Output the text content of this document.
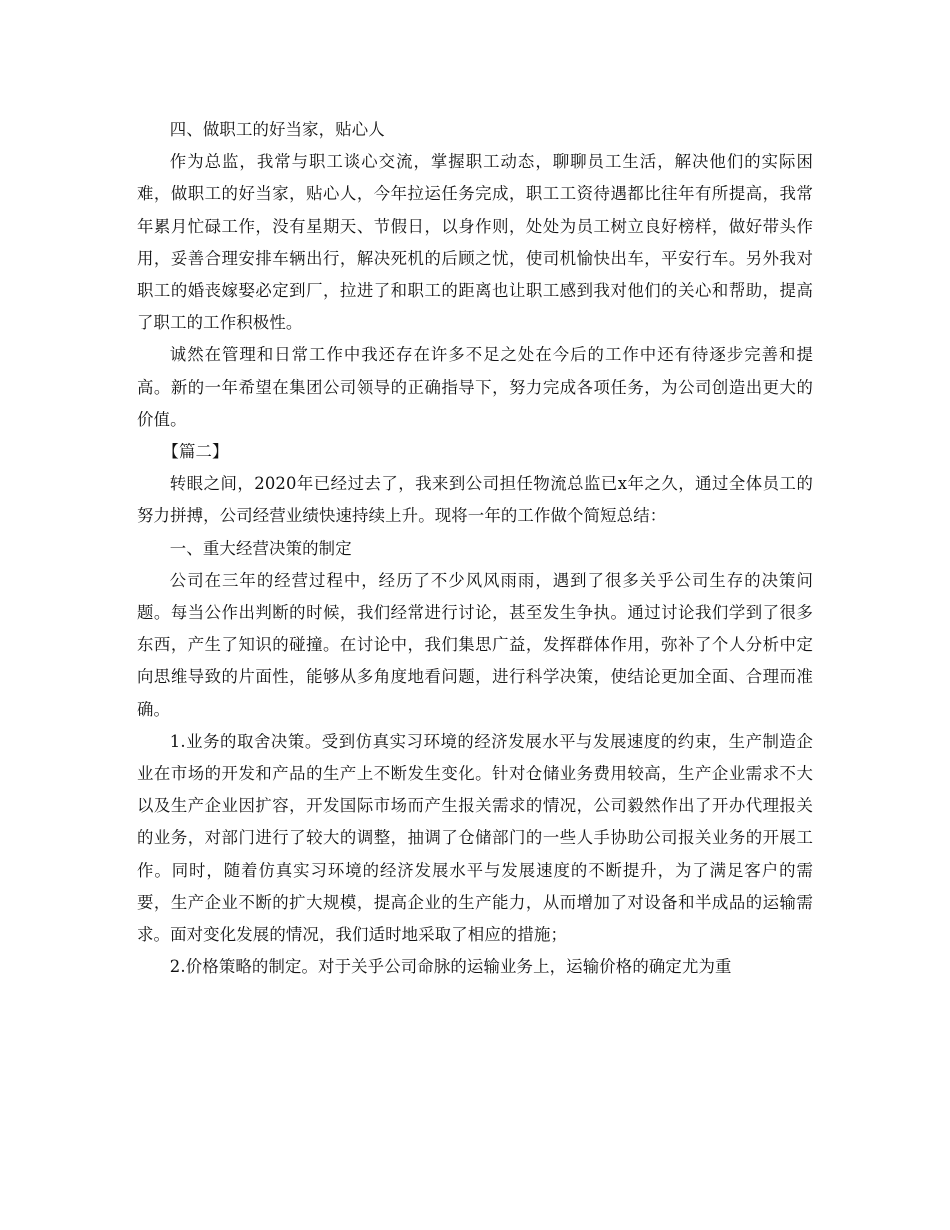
四、做职工的好当家，贴心人

作为总监，我常与职工谈心交流，掌握职工动态，聊聊员工生活，解决他们的实际困难，做职工的好当家，贴心人，今年拉运任务完成，职工工资待遇都比往年有所提高，我常年累月忙碌工作，没有星期天、节假日，以身作则，处处为员工树立良好榜样，做好带头作用，妥善合理安排车辆出行，解决死机的后顾之忧，使司机愉快出车，平安行车。另外我对职工的婚丧嫁娶必定到厂，拉进了和职工的距离也让职工感到我对他们的关心和帮助，提高了职工的工作积极性。

诚然在管理和日常工作中我还存在许多不足之处在今后的工作中还有待逐步完善和提高。新的一年希望在集团公司领导的正确指导下，努力完成各项任务，为公司创造出更大的价值。

【篇二】

转眼之间，2020年已经过去了，我来到公司担任物流总监已x年之久，通过全体员工的努力拼搏，公司经营业绩快速持续上升。现将一年的工作做个简短总结：

一、重大经营决策的制定

公司在三年的经营过程中，经历了不少风风雨雨，遇到了很多关乎公司生存的决策问题。每当公作出判断的时候，我们经常进行讨论，甚至发生争执。通过讨论我们学到了很多东西，产生了知识的碰撞。在讨论中，我们集思广益，发挥群体作用，弥补了个人分析中定向思维导致的片面性，能够从多角度地看问题，进行科学决策，使结论更加全面、合理而准确。

1.业务的取舍决策。受到仿真实习环境的经济发展水平与发展速度的约束，生产制造企业在市场的开发和产品的生产上不断发生变化。针对仓储业务费用较高，生产企业需求不大以及生产企业因扩容，开发国际市场而产生报关需求的情况，公司毅然作出了开办代理报关的业务，对部门进行了较大的调整，抽调了仓储部门的一些人手协助公司报关业务的开展工作。同时，随着仿真实习环境的经济发展水平与发展速度的不断提升，为了满足客户的需要，生产企业不断的扩大规模，提高企业的生产能力，从而增加了对设备和半成品的运输需求。面对变化发展的情况，我们适时地采取了相应的措施；

2.价格策略的制定。对于关乎公司命脉的运输业务上，运输价格的确定尤为重
